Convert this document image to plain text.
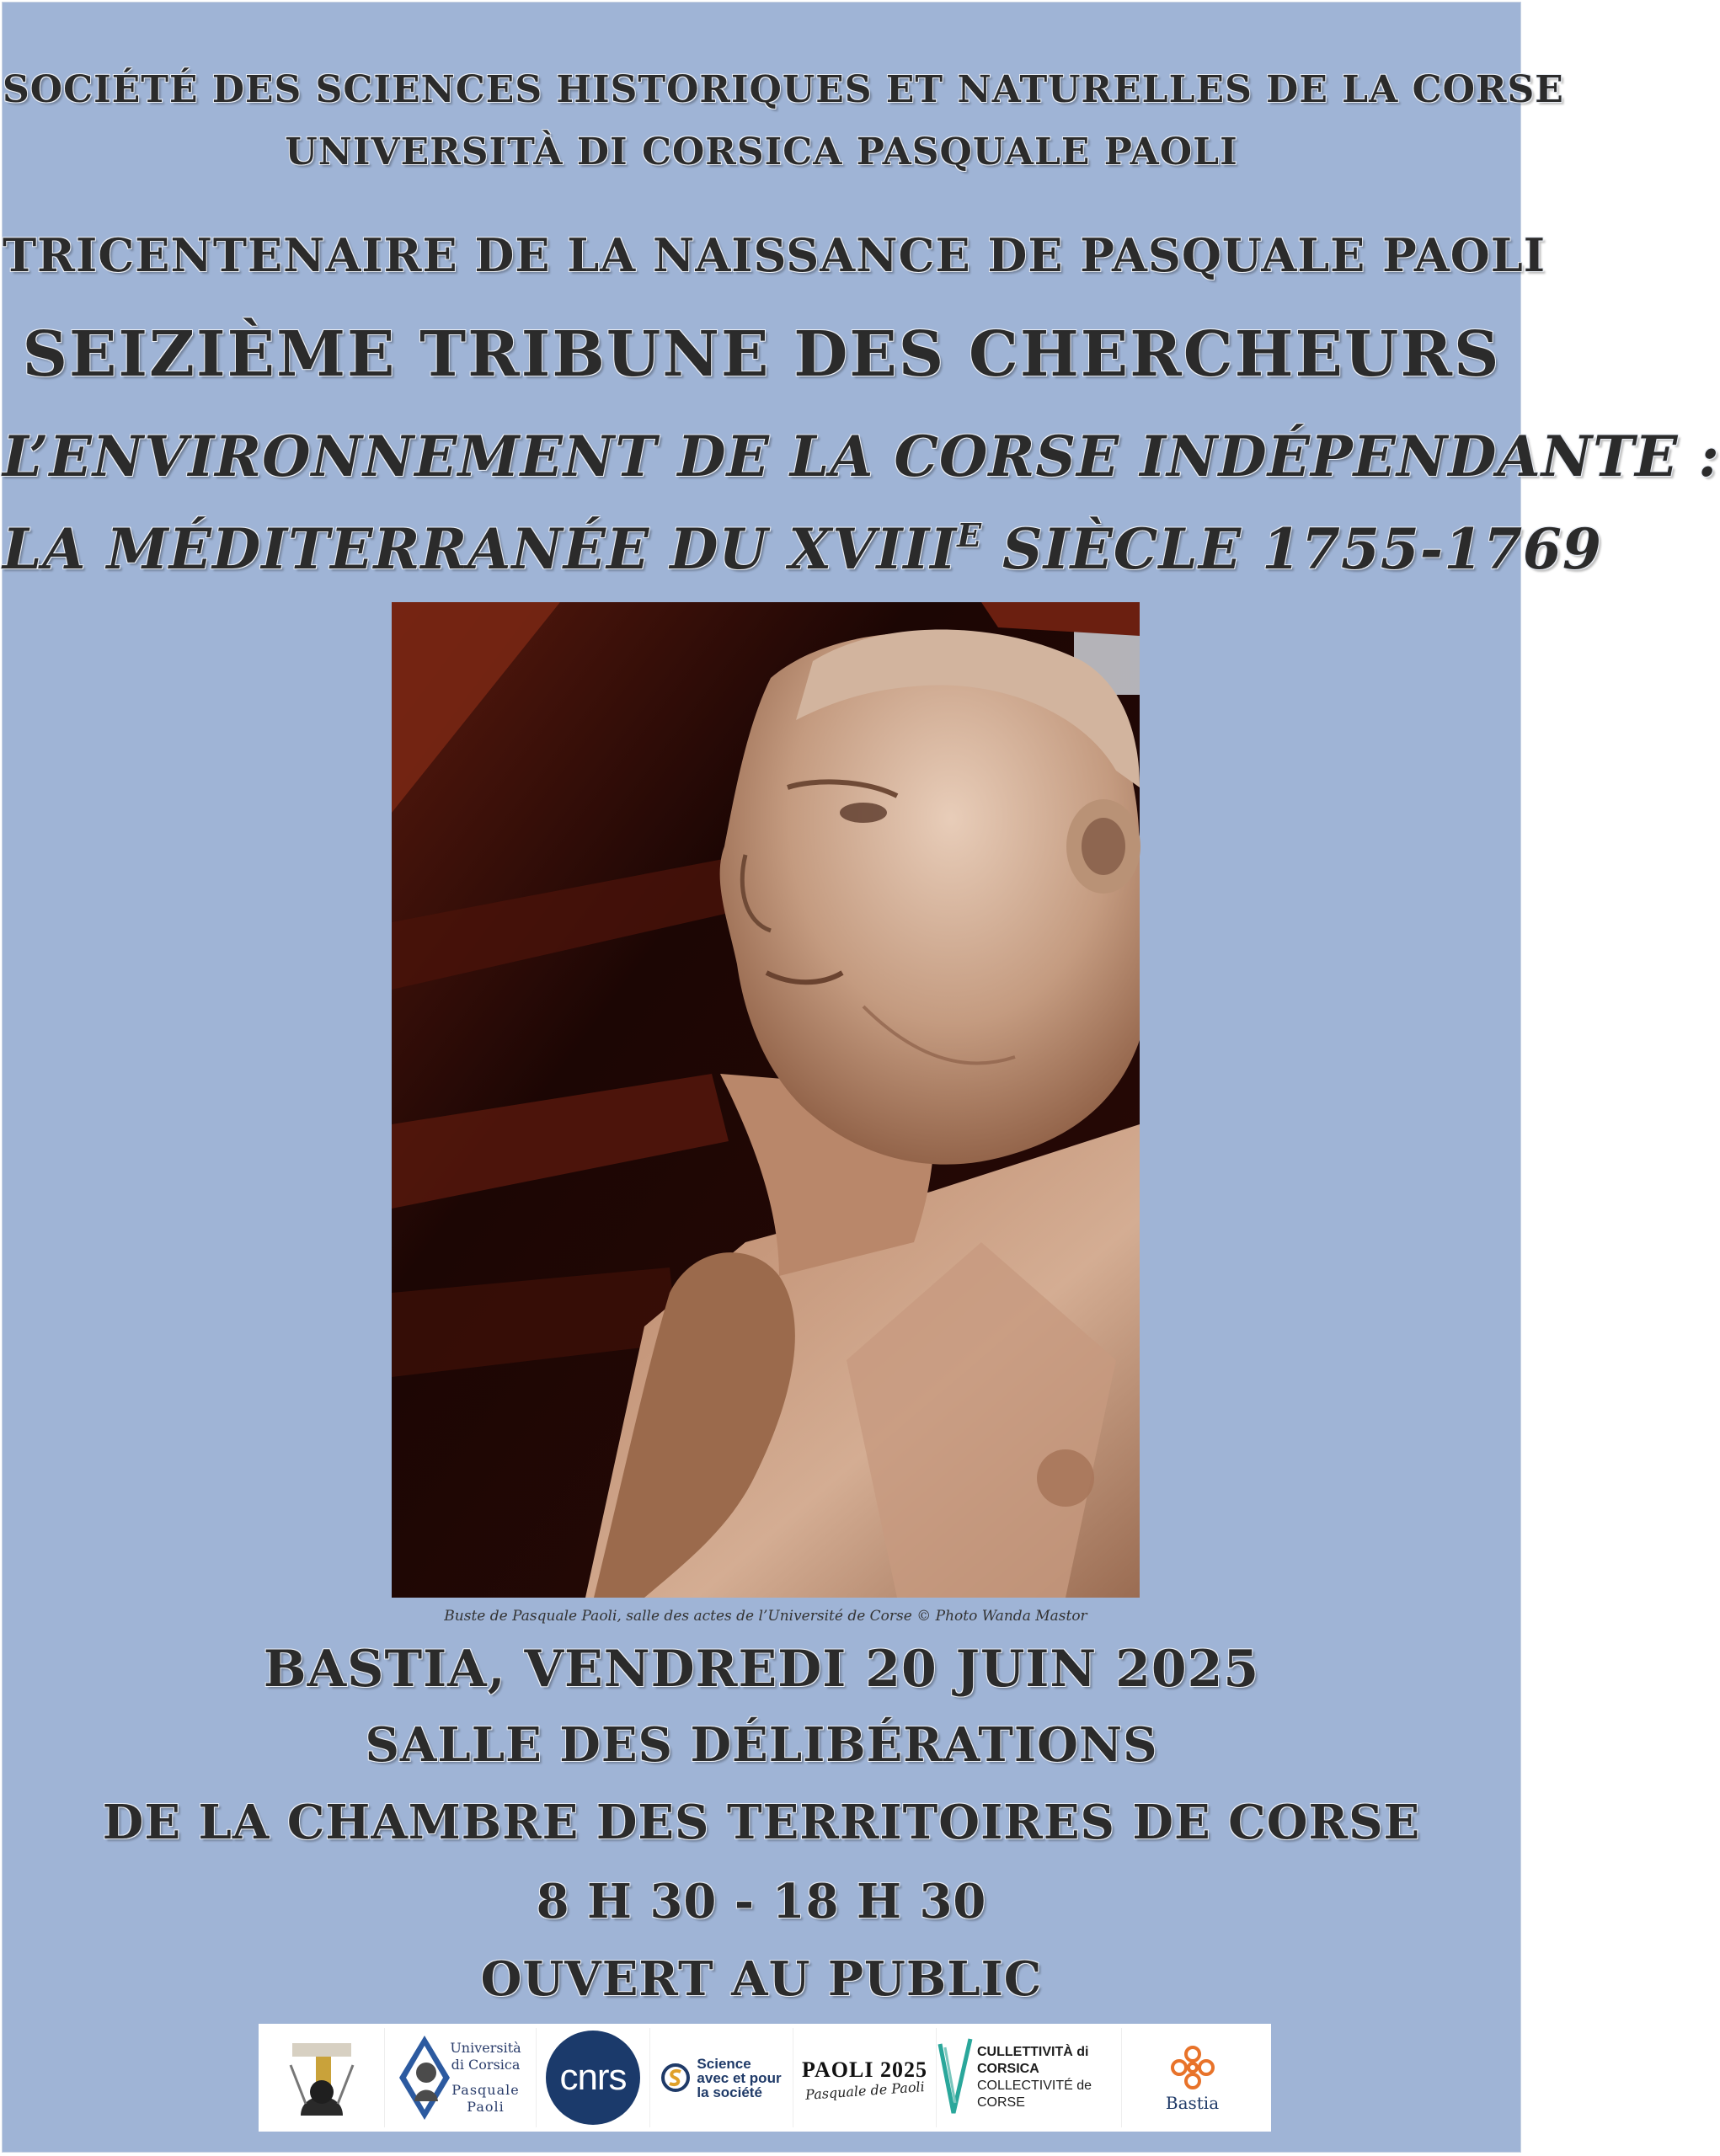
SOCIÉTÉ DES SCIENCES HISTORIQUES ET NATURELLES DE LA CORSE
UNIVERSITÀ DI CORSICA PASQUALE PAOLI
TRICENTENAIRE DE LA NAISSANCE DE PASQUALE PAOLI
SEIZIÈME TRIBUNE DES CHERCHEURS
L’ENVIRONNEMENT DE LA CORSE INDÉPENDANTE :
LA MÉDITERRANÉE DU $XVIII^E$ SIÈCLE 1755-1769
Buste de Pasquale Paoli, salle des actes de l’Université de Corse © Photo Wanda Mastor
BASTIA, VENDREDI 20 JUIN 2025
SALLE DES DÉLIBÉRATIONS
DE LA CHAMBRE DES TERRITOIRES DE CORSE
8 H 30 - 18 H 30
OUVERT AU PUBLIC
Università
di Corsica
Pasquale
Paoli
cnrs	Science
avec et pour
la société
PAOLI 2025
Pasquale de Paoli
CULLETTIVITÀ di CORSICA
COLLECTIVITÉ de CORSE	Bastia
